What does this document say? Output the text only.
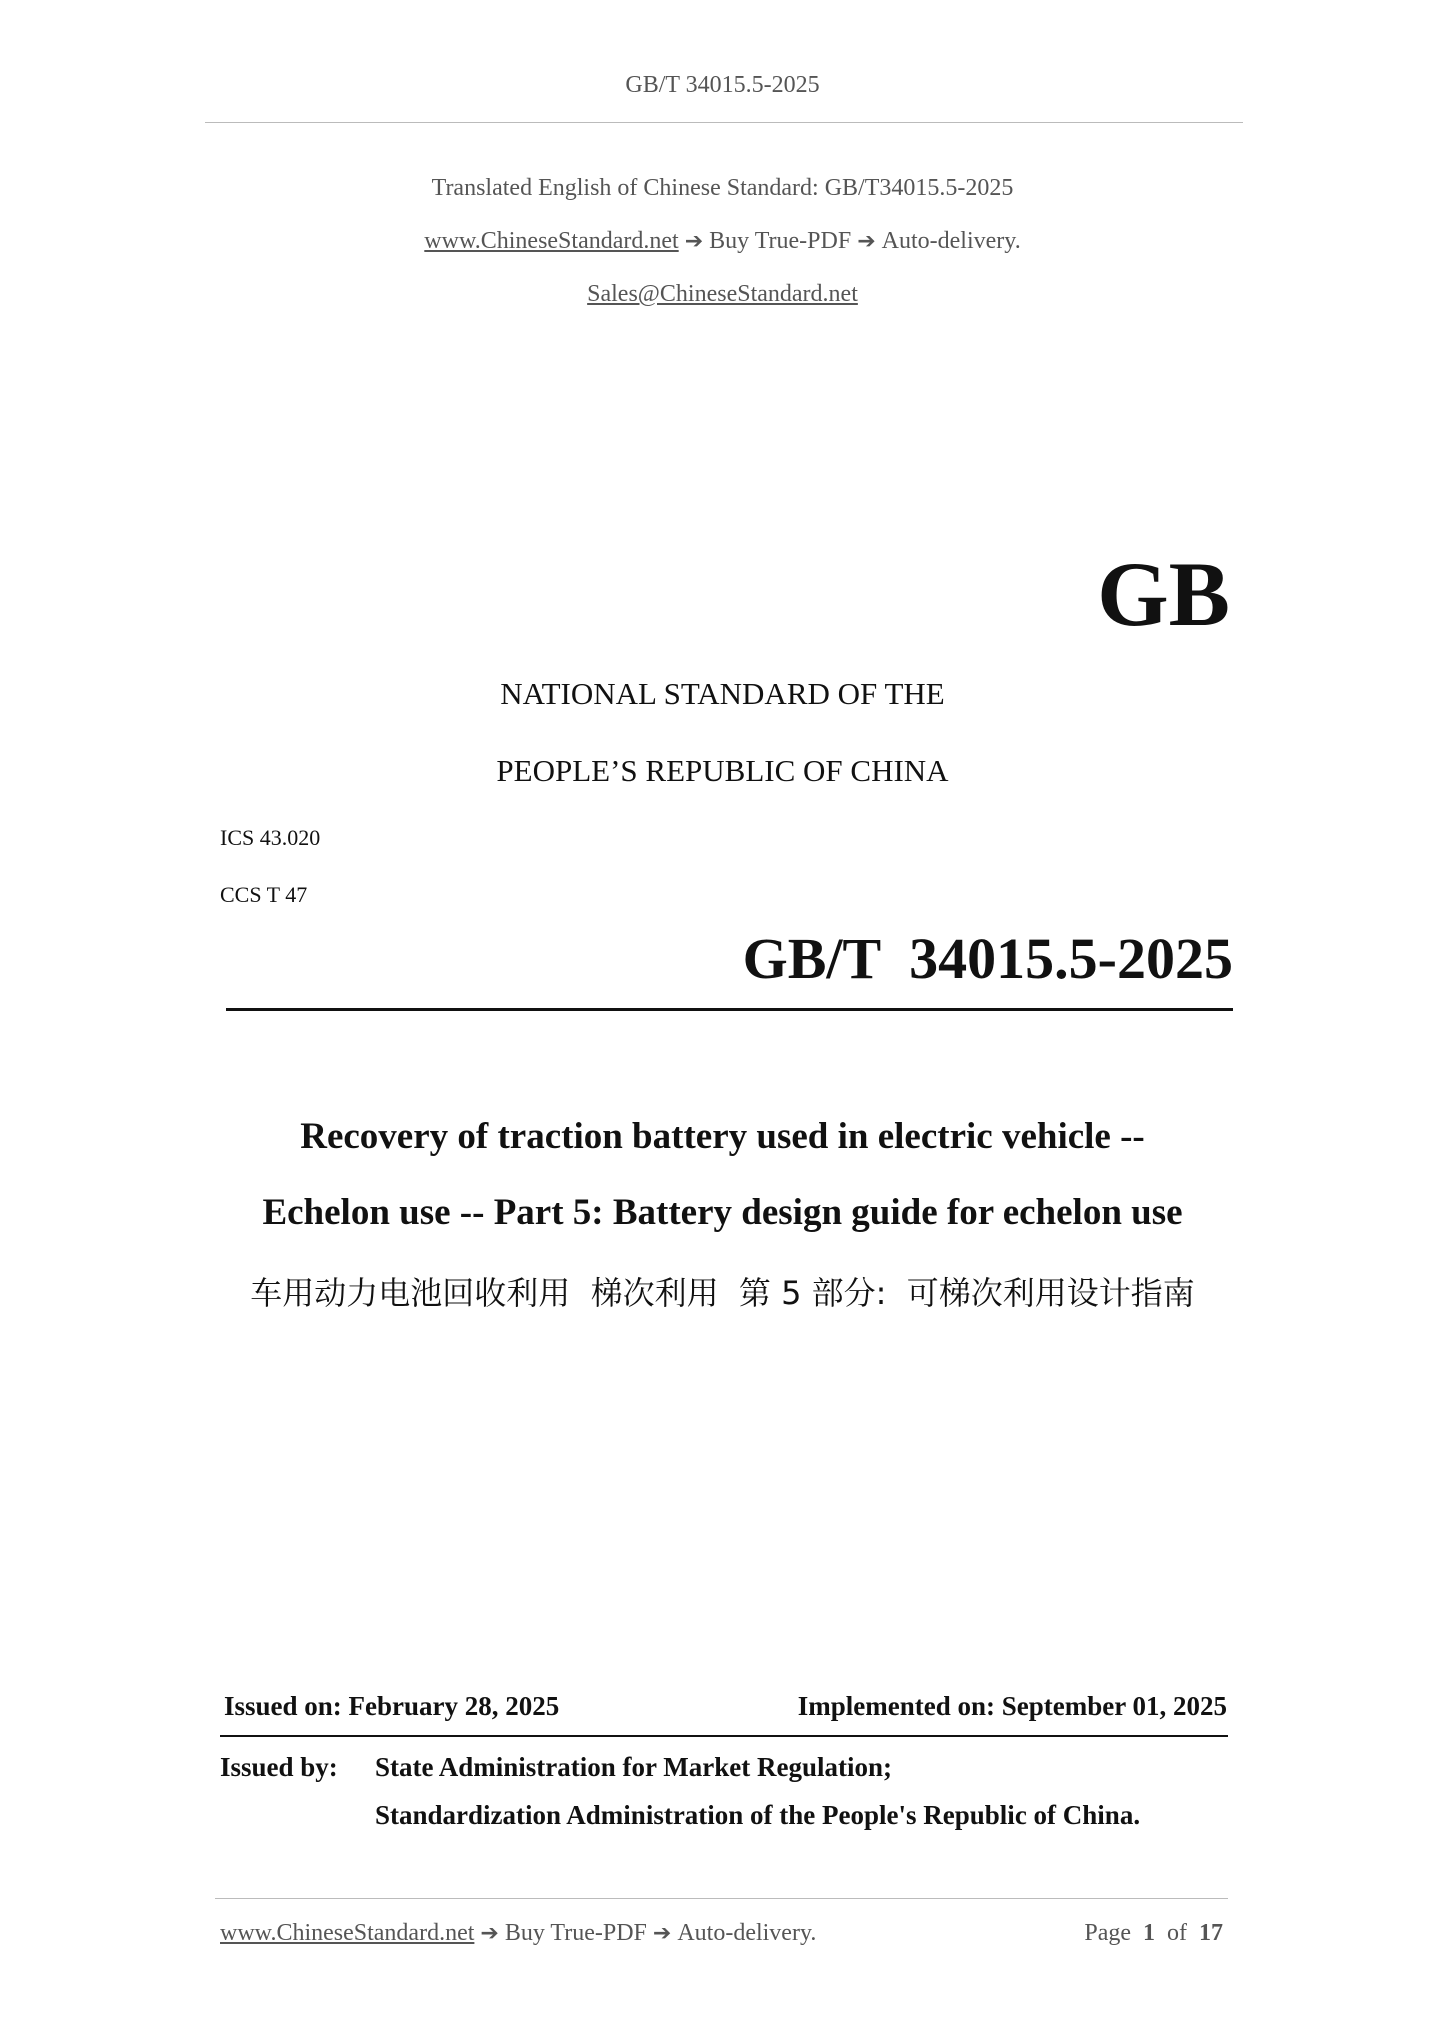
GB/T 34015.5-2025
Translated English of Chinese Standard: GB/T34015.5-2025
www.ChineseStandard.net ➔ Buy True-PDF ➔ Auto-delivery.
Sales@ChineseStandard.net
GB
NATIONAL STANDARD OF THE
PEOPLE’S REPUBLIC OF CHINA
ICS 43.020
CCS T 47
GB/T  34015.5-2025
Recovery of traction battery used in electric vehicle --
Echelon use -- Part 5: Battery design guide for echelon use
车用动力电池回收利用  梯次利用  第 5 部分:  可梯次利用设计指南
Issued on: February 28, 2025	Implemented on: September 01, 2025
Issued by: State Administration for Market Regulation;
Standardization Administration of the People's Republic of China.
www.ChineseStandard.net ➔ Buy True-PDF ➔ Auto-delivery.	Page 1 of 17
